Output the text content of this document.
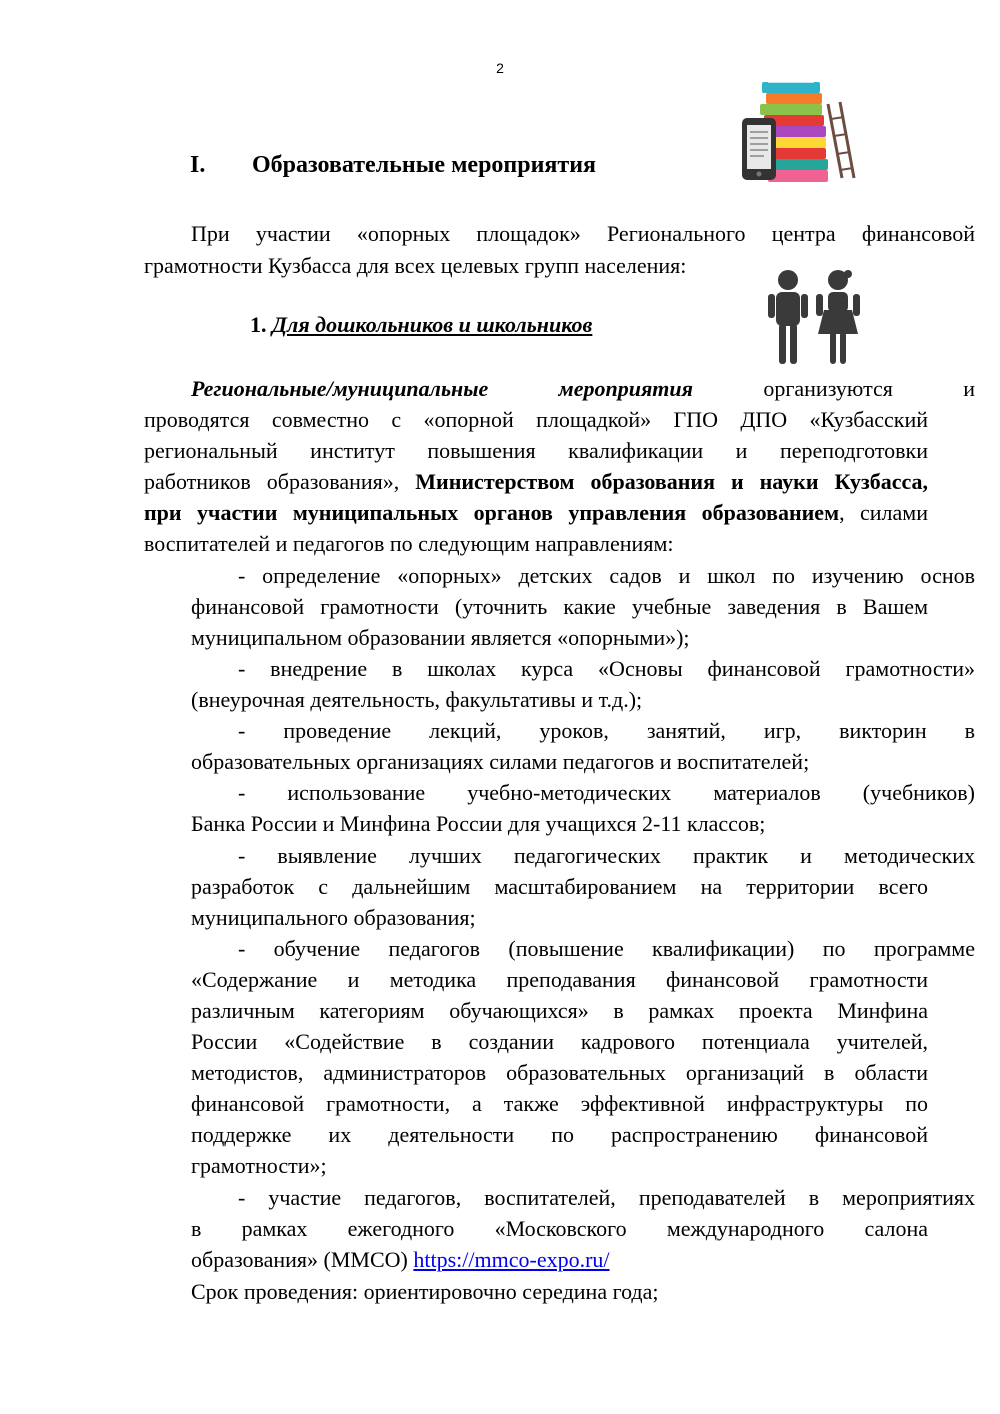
2
I. Образовательные мероприятия
При участии «опорных площадок» Регионального центра финансовой
грамотности Кузбасса для всех целевых групп населения:
1. Для дошкольников и школьников
Региональные/муниципальные мероприятия	организуются и
проводятся совместно с «опорной площадкой» ГПО ДПО «Кузбасский
региональный институт повышения квалификации и переподготовки
работников образования», Министерством образования и науки Кузбасса,
при участии муниципальных органов управления образованием, силами
воспитателей и педагогов по следующим направлениям:
- определение «опорных» детских садов и школ по изучению основ
финансовой грамотности (уточнить какие учебные заведения в Вашем
муниципальном образовании является «опорными»);
- внедрение в школах курса «Основы финансовой грамотности»
(внеурочная деятельность, факультативы и т.д.);
- проведение лекций, уроков, занятий, игр, викторин в
образовательных организациях силами педагогов и воспитателей;
- использование учебно-методических материалов (учебников)
Банка России и Минфина России для учащихся 2-11 классов;
- выявление лучших педагогических практик и методических
разработок с дальнейшим масштабированием на территории всего
муниципального образования;
- обучение педагогов (повышение квалификации) по программе
«Содержание и методика преподавания финансовой грамотности
различным категориям обучающихся» в рамках проекта Минфина
России «Содействие в создании кадрового потенциала учителей,
методистов, администраторов образовательных организаций в области
финансовой грамотности, а также эффективной инфраструктуры по
поддержке их деятельности по распространению финансовой
грамотности»;
- участие педагогов, воспитателей, преподавателей в мероприятиях
в рамках ежегодного «Московского международного салона
образования» (ММСО) https://mmco-expo.ru/
Срок проведения: ориентировочно середина года;
